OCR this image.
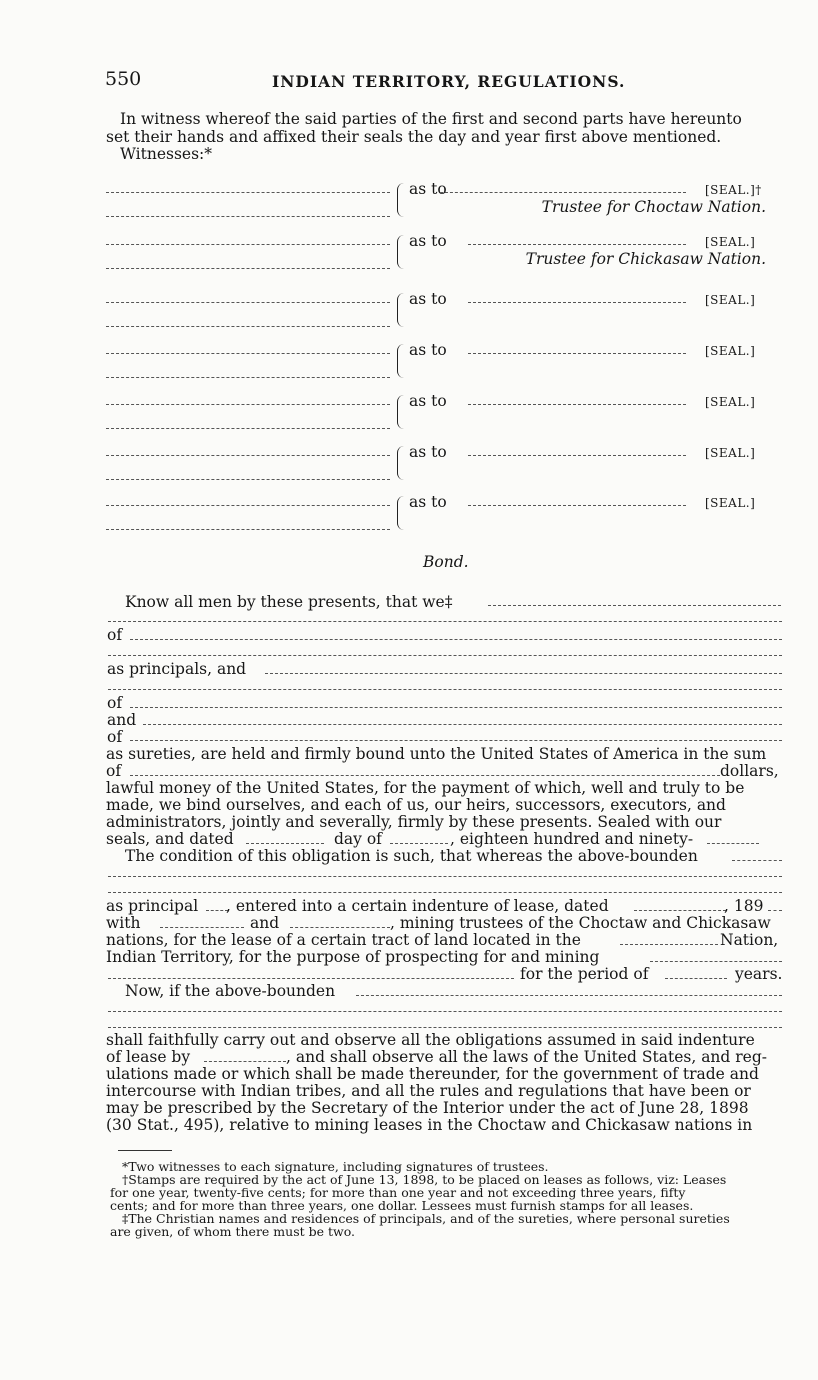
550	INDIAN TERRITORY, REGULATIONS.
In witness whereof the said parties of the first and second parts have hereunto
set their hands and affixed their seals the day and year first above mentioned.
Witnesses:*
as to	[SEAL.]†
Trustee for Choctaw Nation.
as to	[SEAL.]
Trustee for Chickasaw Nation.
as to	[SEAL.]
as to	[SEAL.]
as to	[SEAL.]
as to	[SEAL.]
as to	[SEAL.]
Bond.
Know all men by these presents, that we‡
of
as principals, and
of
and
of
as sureties, are held and firmly bound unto the United States of America in the sum
of	dollars,
lawful money of the United States, for the payment of which, well and truly to be
made, we bind ourselves, and each of us, our heirs, successors, executors, and
administrators, jointly and severally, firmly by these presents. Sealed with our
seals, and dated	day of	, eighteen hundred and ninety-
The condition of this obligation is such, that whereas the above-bounden
as principal , entered into a certain indenture of lease, dated	, 189
with	and	, mining trustees of the Choctaw and Chickasaw
nations, for the lease of a certain tract of land located in the	Nation,
Indian Territory, for the purpose of prospecting for and mining
for the period of	years.
Now, if the above-bounden
shall faithfully carry out and observe all the obligations assumed in said indenture
of lease by	, and shall observe all the laws of the United States, and reg-
ulations made or which shall be made thereunder, for the government of trade and
intercourse with Indian tribes, and all the rules and regulations that have been or
may be prescribed by the Secretary of the Interior under the act of June 28, 1898
(30 Stat., 495), relative to mining leases in the Choctaw and Chickasaw nations in
*Two witnesses to each signature, including signatures of trustees.
†Stamps are required by the act of June 13, 1898, to be placed on leases as follows, viz: Leases
for one year, twenty-five cents; for more than one year and not exceeding three years, fifty
cents; and for more than three years, one dollar. Lessees must furnish stamps for all leases.
‡The Christian names and residences of principals, and of the sureties, where personal sureties
are given, of whom there must be two.
